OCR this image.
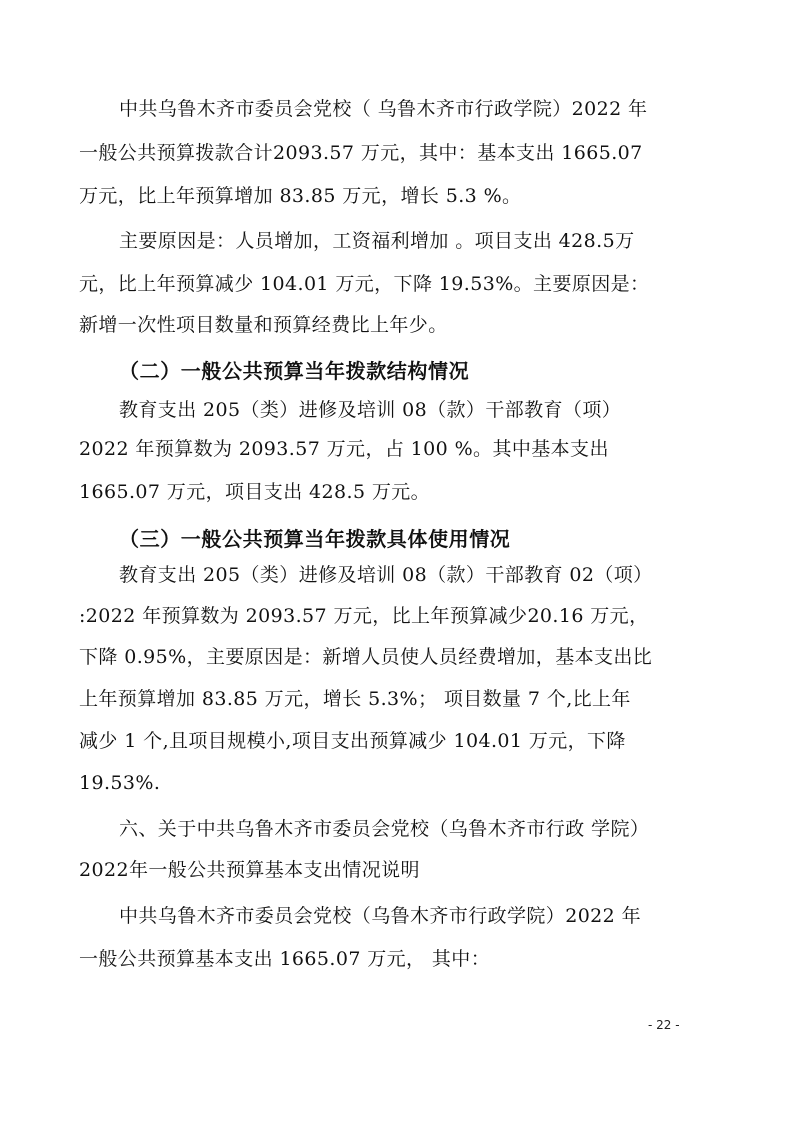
中共乌鲁木齐市委员会党校（ 乌鲁木齐市行政学院）2022 年
一般公共预算拨款合计2093.57 万元，其中：基本支出 1665.07
万元，比上年预算增加 83.85 万元，增长 5.3 %。
主要原因是：人员增加，工资福利增加 。项目支出 428.5万
元，比上年预算减少 104.01 万元，下降 19.53%。主要原因是：
新增一次性项目数量和预算经费比上年少。
（二）一般公共预算当年拨款结构情况
教育支出 205（类）进修及培训 08（款）干部教育（项）
2022 年预算数为 2093.57 万元，占 100 %。其中基本支出
1665.07 万元，项目支出 428.5 万元。
（三）一般公共预算当年拨款具体使用情况
教育支出 205（类）进修及培训 08（款）干部教育 02（项）
:2022 年预算数为 2093.57 万元，比上年预算减少20.16 万元，
下降 0.95%，主要原因是：新增人员使人员经费增加，基本支出比
上年预算增加 83.85 万元，增长 5.3%； 项目数量 7 个,比上年
减少 1 个,且项目规模小,项目支出预算减少 104.01 万元，下降
19.53%.
六、关于中共乌鲁木齐市委员会党校（乌鲁木齐市行政 学院）
2022年一般公共预算基本支出情况说明
中共乌鲁木齐市委员会党校（乌鲁木齐市行政学院）2022 年
一般公共预算基本支出 1665.07 万元， 其中：
- 22 -
